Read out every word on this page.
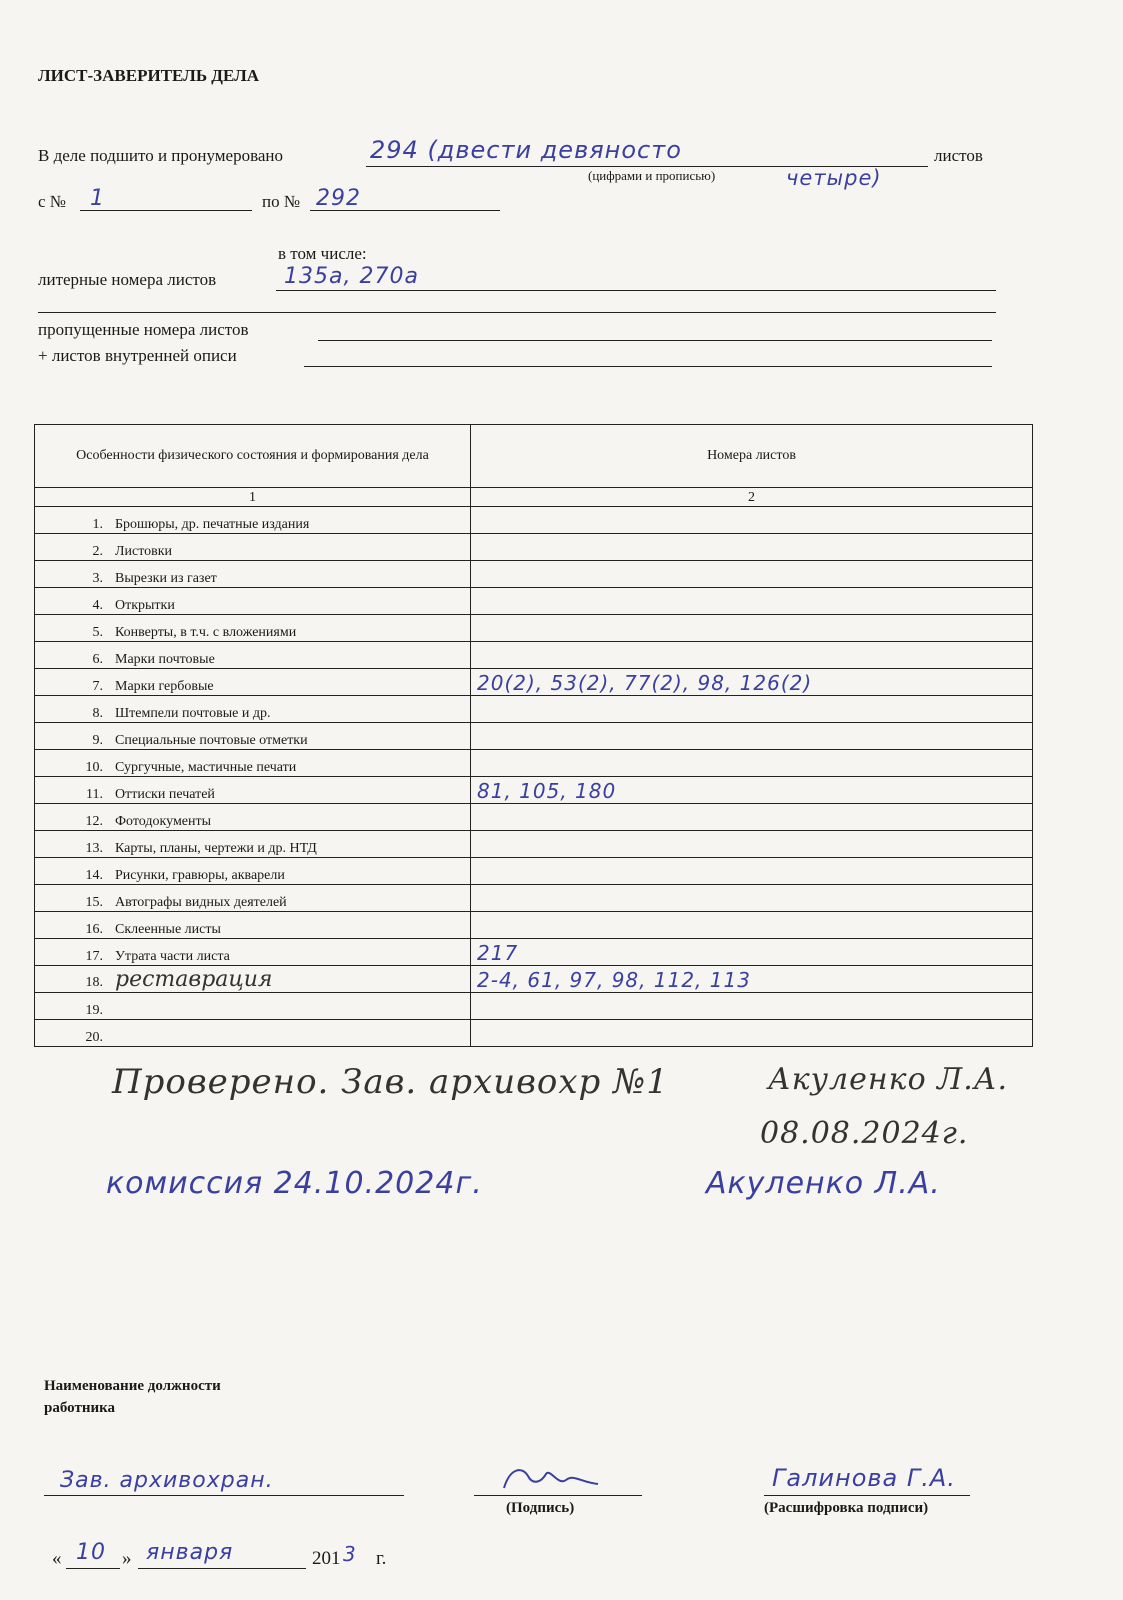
ЛИСТ-ЗАВЕРИТЕЛЬ ДЕЛА
В деле подшито и пронумеровано	294 (двести девяносто	листов
(цифрами и прописью)	четыре)
с № 1	по № 292
в том числе:
литерные номера листов	135а, 270а
пропущенные номера листов
+ листов внутренней описи
Особенности физического состояния и формирования дела	Номера листов
1	2
1. Брошюры, др. печатные издания	
2. Листовки	
3. Вырезки из газет	
4. Открытки	
5. Конверты, в т.ч. с вложениями	
6. Марки почтовые	
7. Марки гербовые	20(2), 53(2), 77(2), 98, 126(2)
8. Штемпели почтовые и др.	
9. Специальные почтовые отметки	
10. Сургучные, мастичные печати	
11. Оттиски печатей	81, 105, 180
12. Фотодокументы	
13. Карты, планы, чертежи и др. НТД	
14. Рисунки, гравюры, акварели	
15. Автографы видных деятелей	
16. Склеенные листы	
17. Утрата части листа	217
18. реставрация	2-4, 61, 97, 98, 112, 113
19.	
20.	
Проверено. Зав. архивохр №1	Акуленко Л.А.
08.08.2024г.
комиссия 24.10.2024г.	Акуленко Л.А.
Наименование должности
работника
Зав. архивохран.
(Подпись)
Галинова Г.А.
(Расшифровка подписи)
« 10 » января	201 3 г.
